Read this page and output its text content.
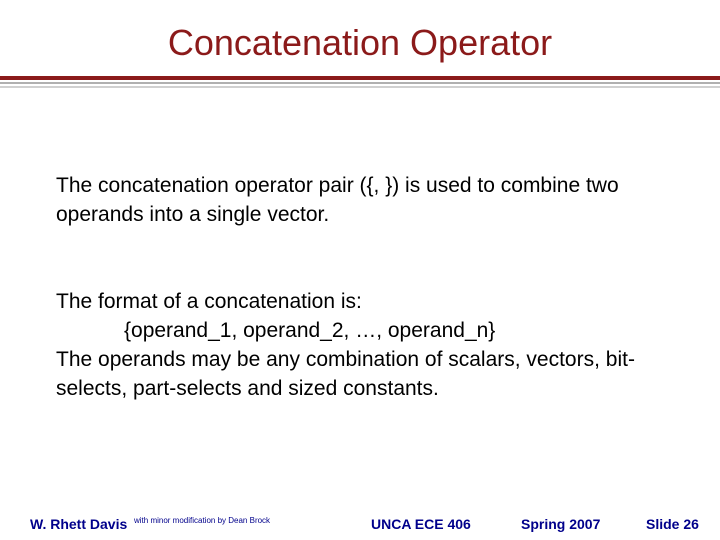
Concatenation Operator

The concatenation operator pair ({, }) is used to combine two operands into a single vector.

The format of a concatenation is:
{operand_1, operand_2, …, operand_n}
The operands may be any combination of scalars, vectors, bit-selects, part-selects and sized constants.

W. Rhett Davis with minor modification by Dean Brock	UNCA ECE 406	Spring 2007	Slide 26
